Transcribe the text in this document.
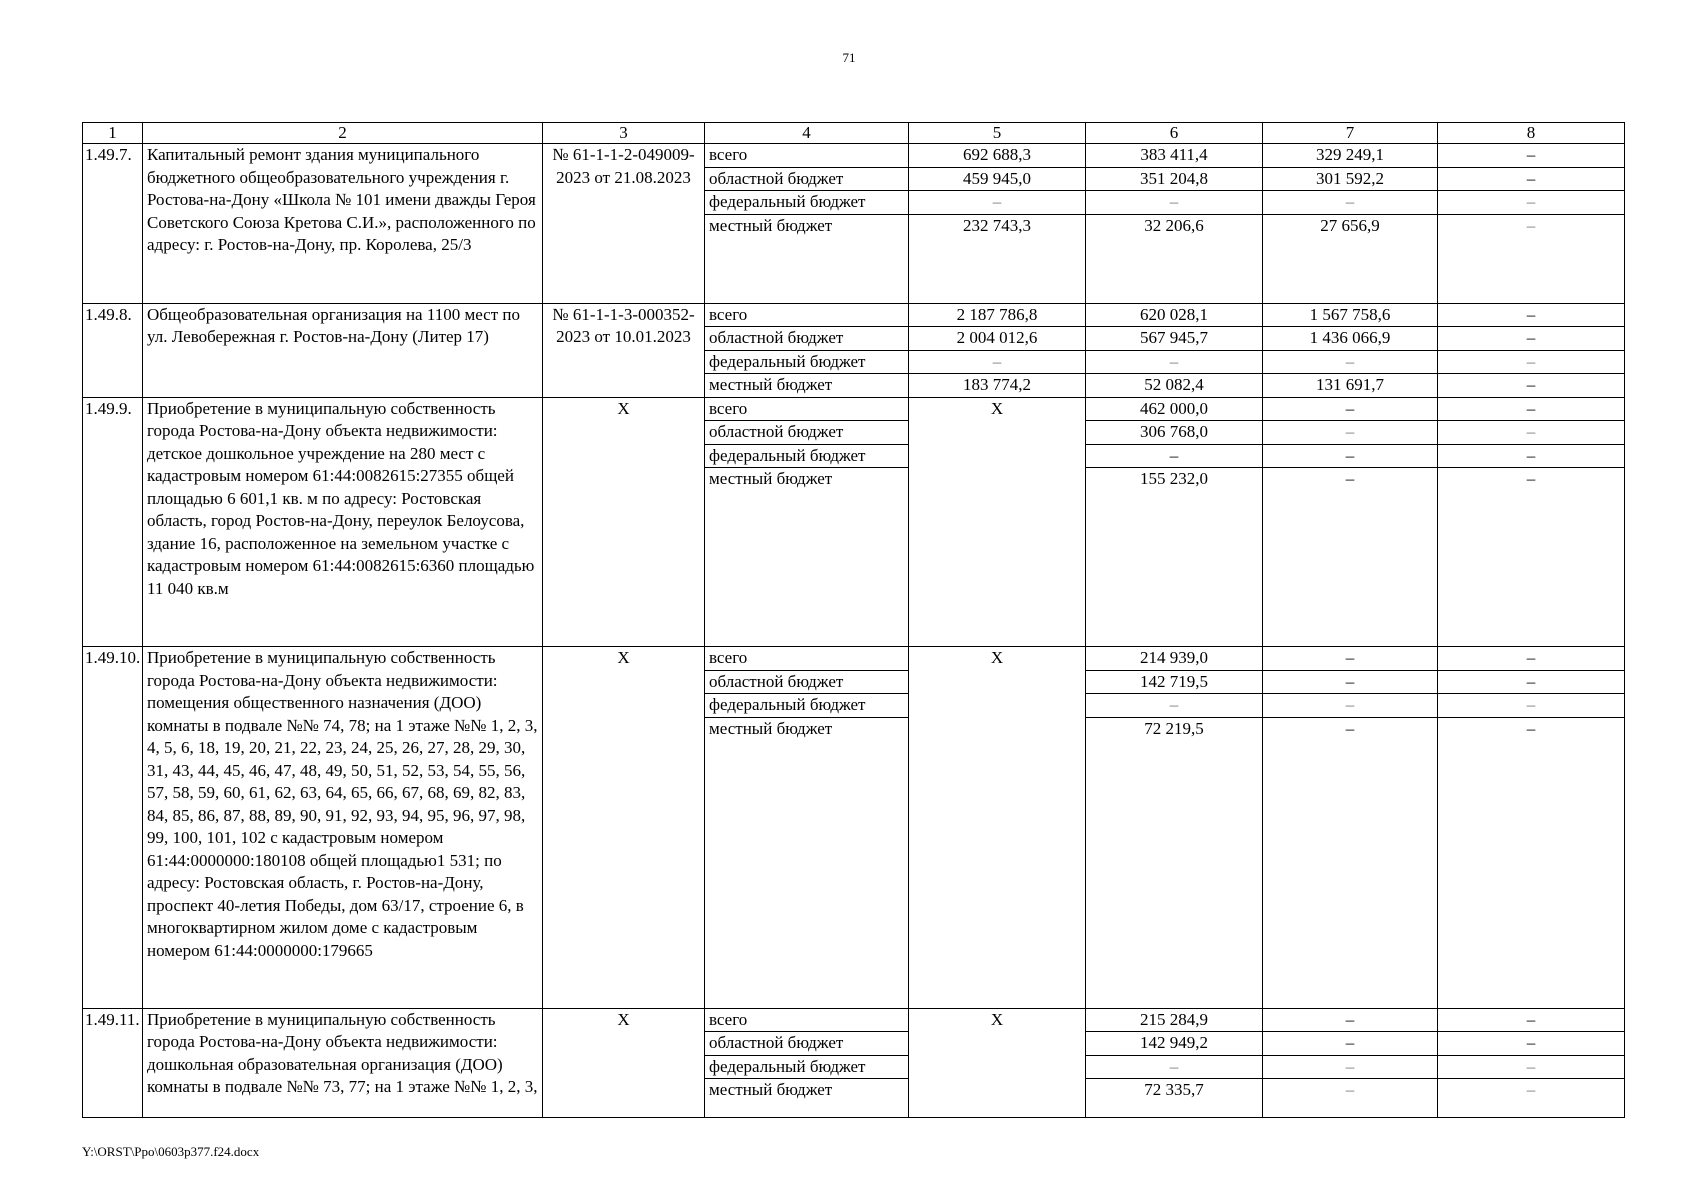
71
1	2	3	4	5	6	7	8
1.49.7.	Капитальный ремонт здания муниципального бюджетного общеобразовательного учреждения г. Ростова-на-Дону «Школа № 101 имени дважды Героя Советского Союза Кретова С.И.», расположенного по адресу: г. Ростов-на-Дону, пр. Королева, 25/3	№ 61-1-1-2-049009-2023 от 21.08.2023	всего	692 688,3	383 411,4	329 249,1	–
			областной бюджет	459 945,0	351 204,8	301 592,2	–
			федеральный бюджет	–	–	–	–
			местный бюджет	232 743,3	32 206,6	27 656,9	–
1.49.8.	Общеобразовательная организация на 1100 мест по ул. Левобережная г. Ростов-на-Дону (Литер 17)	№ 61-1-1-3-000352-2023 от 10.01.2023	всего	2 187 786,8	620 028,1	1 567 758,6	–
			областной бюджет	2 004 012,6	567 945,7	1 436 066,9	–
			федеральный бюджет	–	–	–	–
			местный бюджет	183 774,2	52 082,4	131 691,7	–
1.49.9.	Приобретение в муниципальную собственность города Ростова-на-Дону объекта недвижимости: детское дошкольное учреждение на 280 мест с кадастровым номером 61:44:0082615:27355 общей площадью 6 601,1 кв. м по адресу: Ростовская область, город Ростов-на-Дону, переулок Белоусова, здание 16, расположенное на земельном участке с кадастровым номером 61:44:0082615:6360 площадью 11 040 кв.м	Х	всего	Х	462 000,0	–	–
			областной бюджет		306 768,0	–	–
			федеральный бюджет		–	–	–
			местный бюджет		155 232,0	–	–
1.49.10.	Приобретение в муниципальную собственность города Ростова-на-Дону объекта недвижимости: помещения общественного назначения (ДОО) комнаты в подвале №№ 74, 78; на 1 этаже №№ 1, 2, 3, 4, 5, 6, 18, 19, 20, 21, 22, 23, 24, 25, 26, 27, 28, 29, 30, 31, 43, 44, 45, 46, 47, 48, 49, 50, 51, 52, 53, 54, 55, 56, 57, 58, 59, 60, 61, 62, 63, 64, 65, 66, 67, 68, 69, 82, 83, 84, 85, 86, 87, 88, 89, 90, 91, 92, 93, 94, 95, 96, 97, 98, 99, 100, 101, 102 с кадастровым номером 61:44:0000000:180108 общей площадью1 531; по адресу: Ростовская область, г. Ростов-на-Дону, проспект 40-летия Победы, дом 63/17, строение 6, в многоквартирном жилом доме с кадастровым номером 61:44:0000000:179665	Х	всего	Х	214 939,0	–	–
			областной бюджет		142 719,5	–	–
			федеральный бюджет		–	–	–
			местный бюджет		72 219,5	–	–
1.49.11.	Приобретение в муниципальную собственность города Ростова-на-Дону объекта недвижимости: дошкольная образовательная организация (ДОО) комнаты в подвале №№ 73, 77; на 1 этаже №№ 1, 2, 3,	Х	всего	Х	215 284,9	–	–
			областной бюджет		142 949,2	–	–
			федеральный бюджет		–	–	–
			местный бюджет		72 335,7	–	–
Y:\ORST\Ppo\0603p377.f24.docx
